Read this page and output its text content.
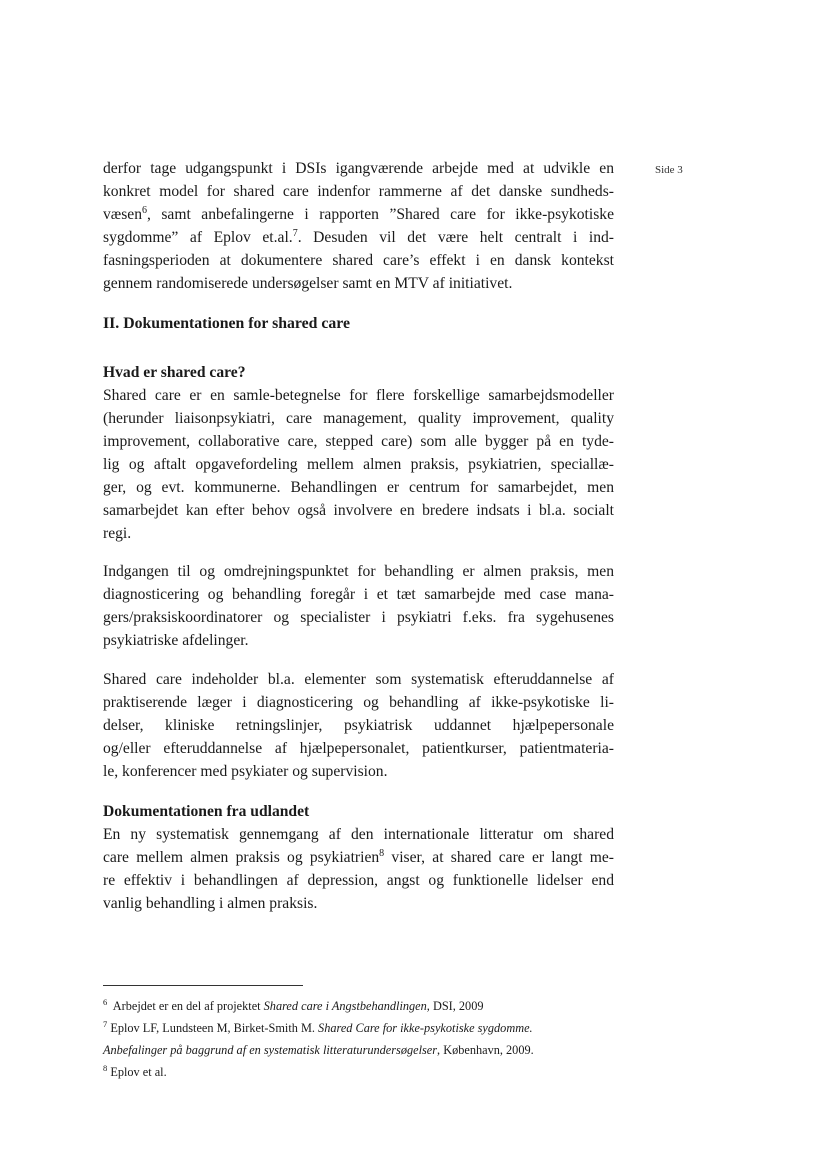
Side 3
derfor tage udgangspunkt i DSIs igangværende arbejde med at udvikle en
konkret model for shared care indenfor rammerne af det danske sundheds-
væsen$^6$, samt anbefalingerne i rapporten ”Shared care for ikke-psykotiske
sygdomme” af Eplov et.al.$^7$. Desuden vil det være helt centralt i ind-
fasningsperioden at dokumentere shared care’s effekt i en dansk kontekst
gennem randomiserede undersøgelser samt en MTV af initiativet.
II. Dokumentationen for shared care
Hvad er shared care?
Shared care er en samle-betegnelse for flere forskellige samarbejdsmodeller
(herunder liaisonpsykiatri, care management, quality improvement, quality
improvement, collaborative care, stepped care) som alle bygger på en tyde-
lig og aftalt opgavefordeling mellem almen praksis, psykiatrien, speciallæ-
ger, og evt. kommunerne. Behandlingen er centrum for samarbejdet, men
samarbejdet kan efter behov også involvere en bredere indsats i bl.a. socialt
regi.
Indgangen til og omdrejningspunktet for behandling er almen praksis, men
diagnosticering og behandling foregår i et tæt samarbejde med case mana-
gers/praksiskoordinatorer og specialister i psykiatri f.eks. fra sygehusenes
psykiatriske afdelinger.
Shared care indeholder bl.a. elementer som systematisk efteruddannelse af
praktiserende læger i diagnosticering og behandling af ikke-psykotiske li-
delser, kliniske retningslinjer, psykiatrisk uddannet hjælpepersonale
og/eller efteruddannelse af hjælpepersonalet, patientkurser, patientmateria-
le, konferencer med psykiater og supervision.
Dokumentationen fra udlandet
En ny systematisk gennemgang af den internationale litteratur om shared
care mellem almen praksis og psykiatrien$^8$ viser, at shared care er langt me-
re effektiv i behandlingen af depression, angst og funktionelle lidelser end
vanlig behandling i almen praksis.
$^6$ Arbejdet er en del af projektet Shared care i Angstbehandlingen, DSI, 2009
$^7$ Eplov LF, Lundsteen M, Birket-Smith M. Shared Care for ikke-psykotiske sygdomme.
Anbefalinger på baggrund af en systematisk litteraturundersøgelser, København, 2009.
$^8$ Eplov et al.
